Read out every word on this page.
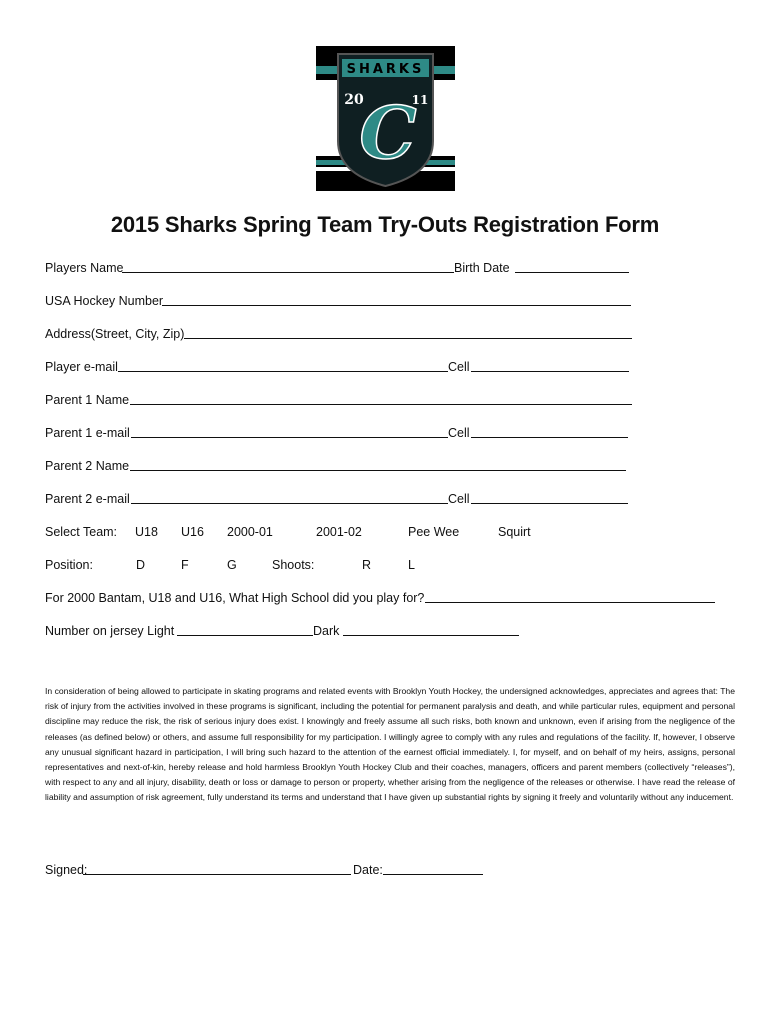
SHARKS
20	11
C
2015 Sharks Spring Team Try-Outs Registration Form
Players Name	Birth Date
USA Hockey Number
Address(Street, City, Zip)
Player e-mail	Cell
Parent 1 Name
Parent 1 e-mail	Cell
Parent 2 Name
Parent 2 e-mail	Cell
Select Team: U18 U16 2000-01	2001-02	Pee Wee	Squirt
Position:	D	F	G	Shoots:	R	L
For 2000 Bantam, U18 and U16, What High School did you play for?
Number on jersey Light	Dark
In consideration of being allowed to participate in skating programs and related events with Brooklyn Youth Hockey, the undersigned acknowledges, appreciates and agrees that: The risk of injury from the activities involved in these programs is significant, including the potential for permanent paralysis and death, and while particular rules, equipment and personal discipline may reduce the risk, the risk of serious injury does exist. I knowingly and freely assume all such risks, both known and unknown, even if arising from the negligence of the releases (as defined below) or others, and assume full responsibility for my participation. I willingly agree to comply with any rules and regulations of the facility. If, however, I observe any unusual significant hazard in participation, I will bring such hazard to the attention of the earnest official immediately. I, for myself, and on behalf of my heirs, assigns, personal representatives and next-of-kin, hereby release and hold harmless Brooklyn Youth Hockey Club and their coaches, managers, officers and parent members (collectively “releases”), with respect to any and all injury, disability, death or loss or damage to person or property, whether arising from the negligence of the releases or otherwise. I have read the release of liability and assumption of risk agreement, fully understand its terms and understand that I have given up substantial rights by signing it freely and voluntarily without any inducement.
Signed:	Date:
